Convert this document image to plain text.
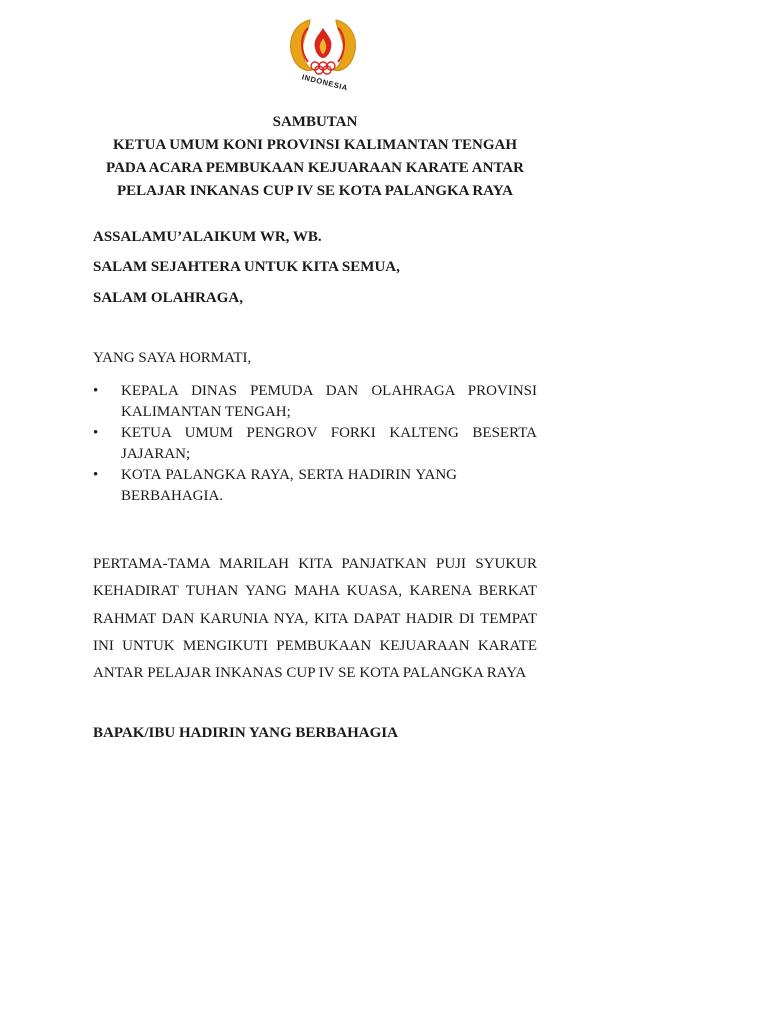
INDONESIA
SAMBUTAN
KETUA UMUM KONI PROVINSI KALIMANTAN TENGAH
PADA ACARA PEMBUKAAN KEJUARAAN KARATE ANTAR
PELAJAR INKANAS CUP IV SE KOTA PALANGKA RAYA
ASSALAMU’ALAIKUM WR, WB.
SALAM SEJAHTERA UNTUK KITA SEMUA,
SALAM OLAHRAGA,
YANG SAYA HORMATI,
• KEPALA DINAS PEMUDA DAN OLAHRAGA PROVINSI KALIMANTAN TENGAH;
• KETUA UMUM PENGROV FORKI KALTENG BESERTA JAJARAN;
• KOTA PALANGKA RAYA, SERTA HADIRIN YANG BERBAHAGIA.
PERTAMA-TAMA MARILAH KITA PANJATKAN PUJI SYUKUR KEHADIRAT TUHAN YANG MAHA KUASA, KARENA BERKAT RAHMAT DAN KARUNIA NYA, KITA DAPAT HADIR DI TEMPAT INI UNTUK MENGIKUTI PEMBUKAAN KEJUARAAN KARATE ANTAR PELAJAR INKANAS CUP IV SE KOTA PALANGKA RAYA
BAPAK/IBU HADIRIN YANG BERBAHAGIA
